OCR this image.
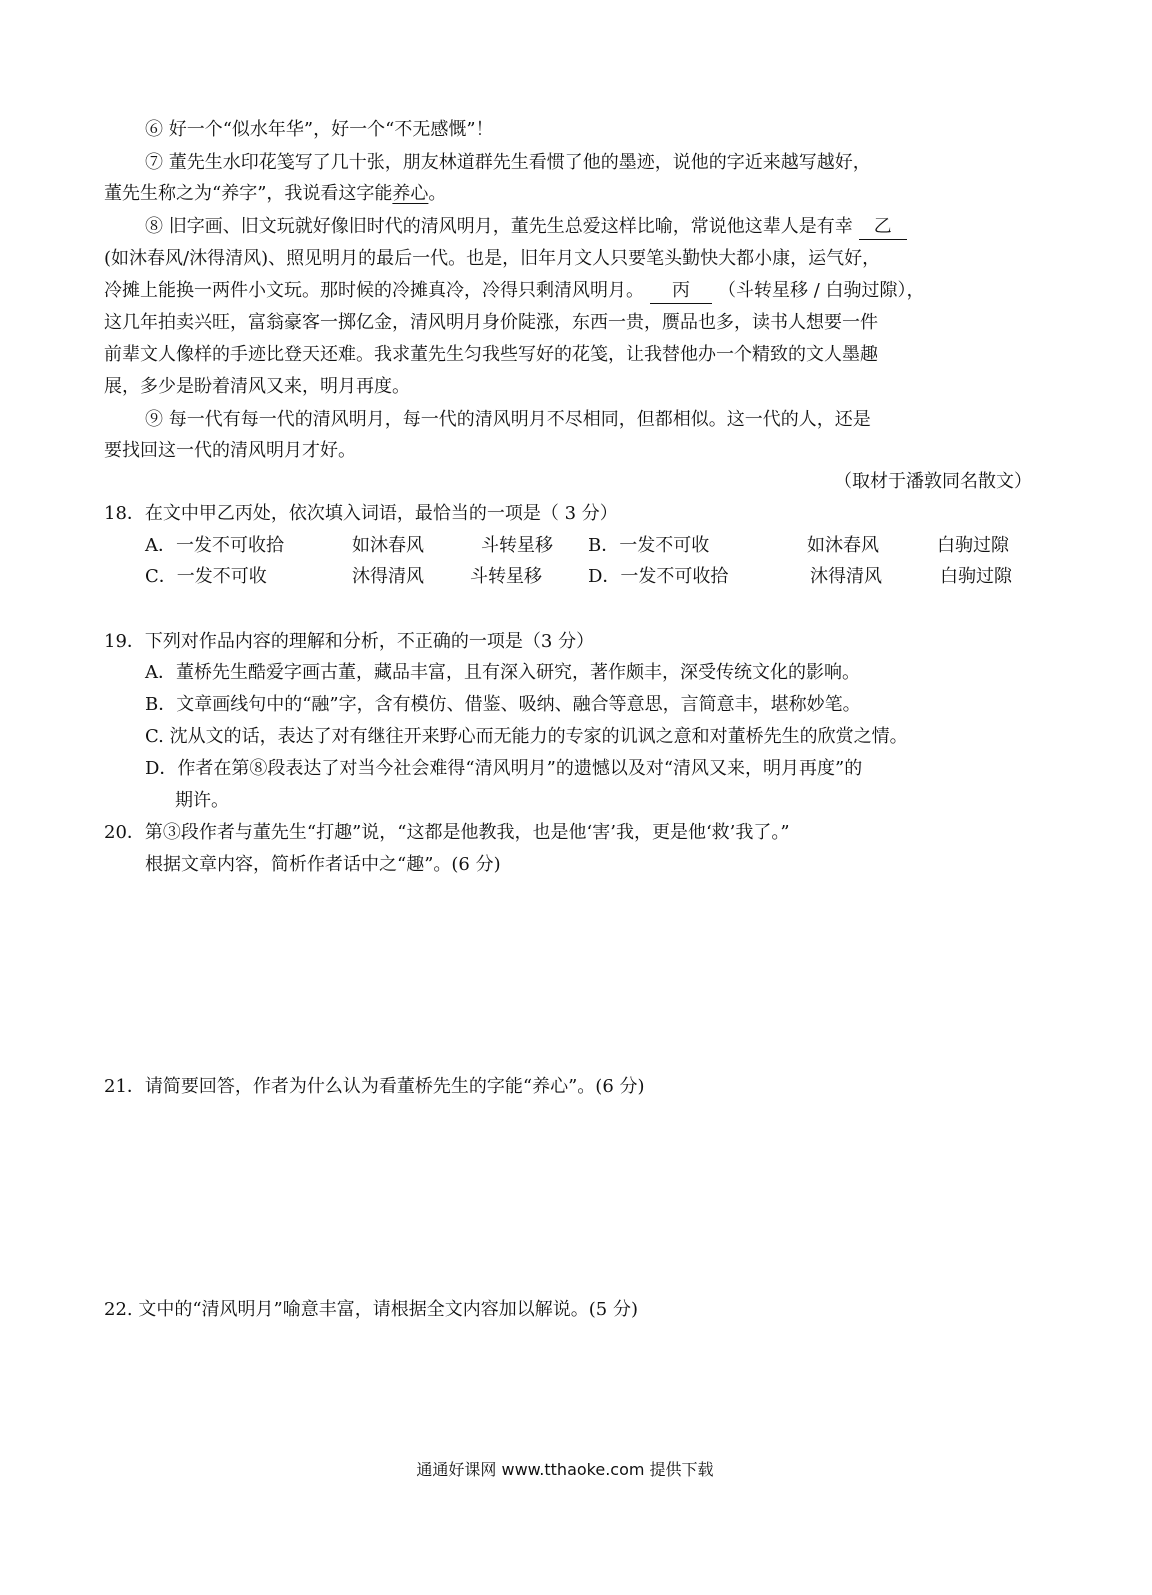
⑥ 好一个“似水年华”，好一个“不无感慨”！
⑦ 董先生水印花笺写了几十张，朋友林道群先生看惯了他的墨迹，说他的字近来越写越好，
董先生称之为“养字”，我说看这字能养心。
⑧ 旧字画、旧文玩就好像旧时代的清风明月，董先生总爱这样比喻，常说他这辈人是有幸 乙
(如沐春风/沐得清风)、照见明月的最后一代。也是，旧年月文人只要笔头勤快大都小康，运气好，
冷摊上能换一两件小文玩。那时候的冷摊真冷，冷得只剩清风明月。 丙 （斗转星移 / 白驹过隙），
这几年拍卖兴旺，富翁豪客一掷亿金，清风明月身价陡涨，东西一贵，赝品也多，读书人想要一件
前辈文人像样的手迹比登天还难。我求董先生匀我些写好的花笺，让我替他办一个精致的文人墨趣
展，多少是盼着清风又来，明月再度。
⑨ 每一代有每一代的清风明月，每一代的清风明月不尽相同，但都相似。这一代的人，还是
要找回这一代的清风明月才好。
（取材于潘敦同名散文）
18．在文中甲乙丙处，依次填入词语，最恰当的一项是（ 3 分）
A．一发不可收拾	如沐春风	斗转星移 B．一发不可收	如沐春风	白驹过隙
C．一发不可收	沐得清风	斗转星移	D．一发不可收拾	沐得清风	白驹过隙
19．下列对作品内容的理解和分析，不正确的一项是（3 分）
A．董桥先生酷爱字画古董，藏品丰富，且有深入研究，著作颇丰，深受传统文化的影响。
B．文章画线句中的“融”字，含有模仿、借鉴、吸纳、融合等意思，言简意丰，堪称妙笔。
C. 沈从文的话，表达了对有继往开来野心而无能力的专家的讥讽之意和对董桥先生的欣赏之情。
D．作者在第⑧段表达了对当今社会难得“清风明月”的遗憾以及对“清风又来，明月再度”的
期许。
20．第③段作者与董先生“打趣”说，“这都是他教我，也是他‘害’我，更是他‘救’我了。”
根据文章内容，简析作者话中之“趣”。(6 分)
21．请简要回答，作者为什么认为看董桥先生的字能“养心”。(6 分)
22. 文中的“清风明月”喻意丰富，请根据全文内容加以解说。(5 分)
通通好课网 www.tthaoke.com 提供下载
